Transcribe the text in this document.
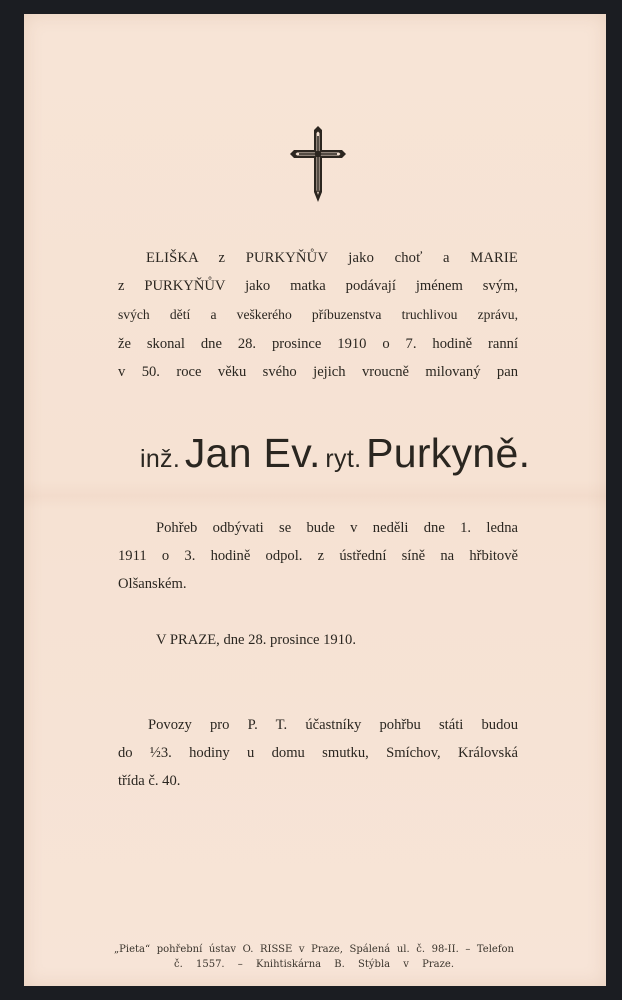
ELIŠKA z PURKYŇŮV jako choť a MARIE
z PURKYŇŮV jako matka podávají jménem svým,
svých dětí a veškerého příbuzenstva truchlivou zprávu,
že skonal dne 28. prosince 1910 o 7. hodině ranní
v 50. roce věku svého jejich vroucně milovaný pan
inž. Jan Ev. ryt. Purkyně.
Pohřeb odbývati se bude v neděli dne 1. ledna
1911 o 3. hodině odpol. z ústřední síně na hřbitově
Olšanském.
V PRAZE, dne 28. prosince 1910.
Povozy pro P. T. účastníky pohřbu státi budou
do ½3. hodiny u domu smutku, Smíchov, Královská
třída č. 40.
„Pieta“ pohřební ústav O. RISSE v Praze, Spálená ul. č. 98-II. – Telefon
č. 1557. – Knihtiskárna B. Stýbla v Praze.
